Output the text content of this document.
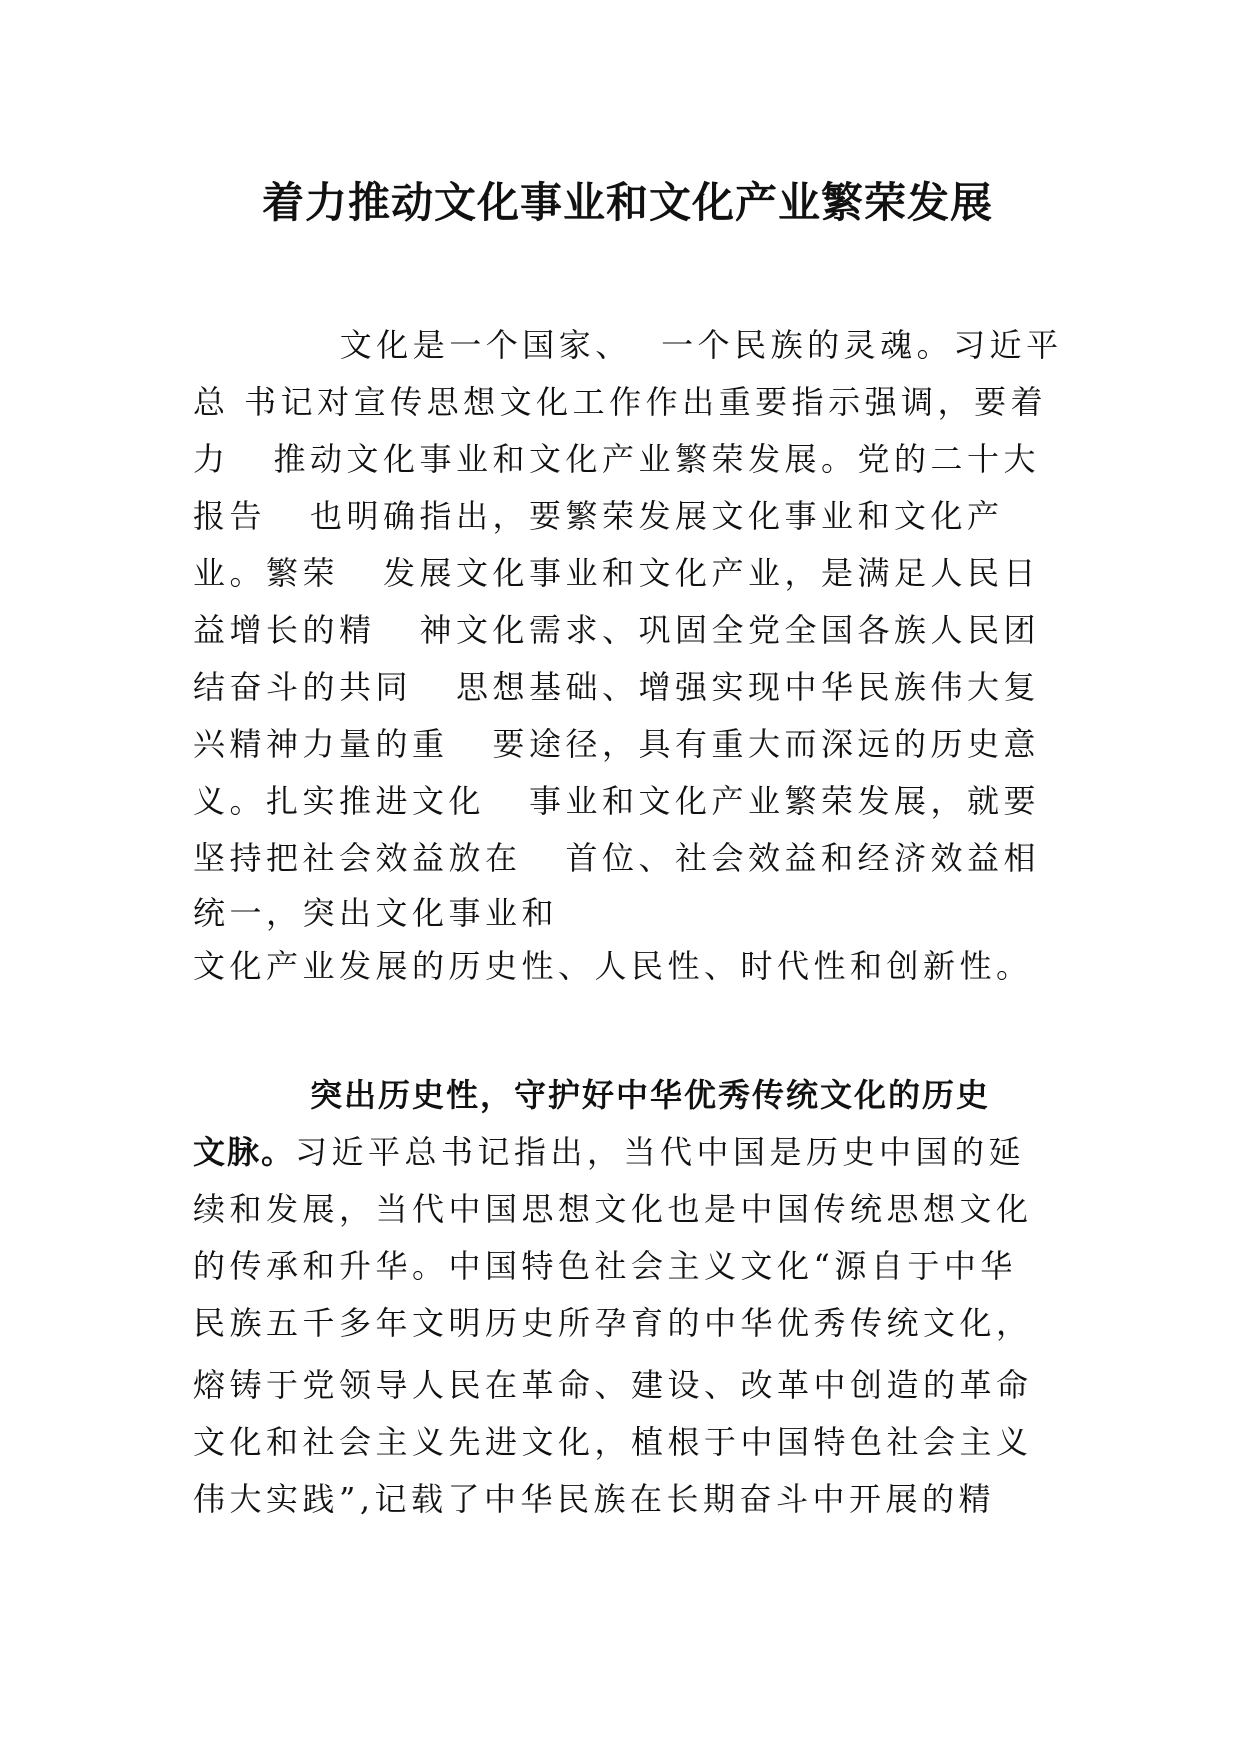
着力推动文化事业和文化产业繁荣发展

文化是一个国家、  一个民族的灵魂。习近平

总 书记对宣传思想文化工作作出重要指示强调，要着

力   推动文化事业和文化产业繁荣发展。党的二十大

报告   也明确指出，要繁荣发展文化事业和文化产

业。繁荣   发展文化事业和文化产业，是满足人民日

益增长的精   神文化需求、巩固全党全国各族人民团

结奋斗的共同   思想基础、增强实现中华民族伟大复

兴精神力量的重   要途径，具有重大而深远的历史意

义。扎实推进文化   事业和文化产业繁荣发展，就要

坚持把社会效益放在   首位、社会效益和经济效益相

统一，突出文化事业和

文化产业发展的历史性、人民性、时代性和创新性。

突出历史性，守护好中华优秀传统文化的历史

文脉。习近平总书记指出，当代中国是历史中国的延

续和发展，当代中国思想文化也是中国传统思想文化

的传承和升华。中国特色社会主义文化“源自于中华

民族五千多年文明历史所孕育的中华优秀传统文化，

熔铸于党领导人民在革命、建设、改革中创造的革命

文化和社会主义先进文化，植根于中国特色社会主义

伟大实践”,记载了中华民族在长期奋斗中开展的精
